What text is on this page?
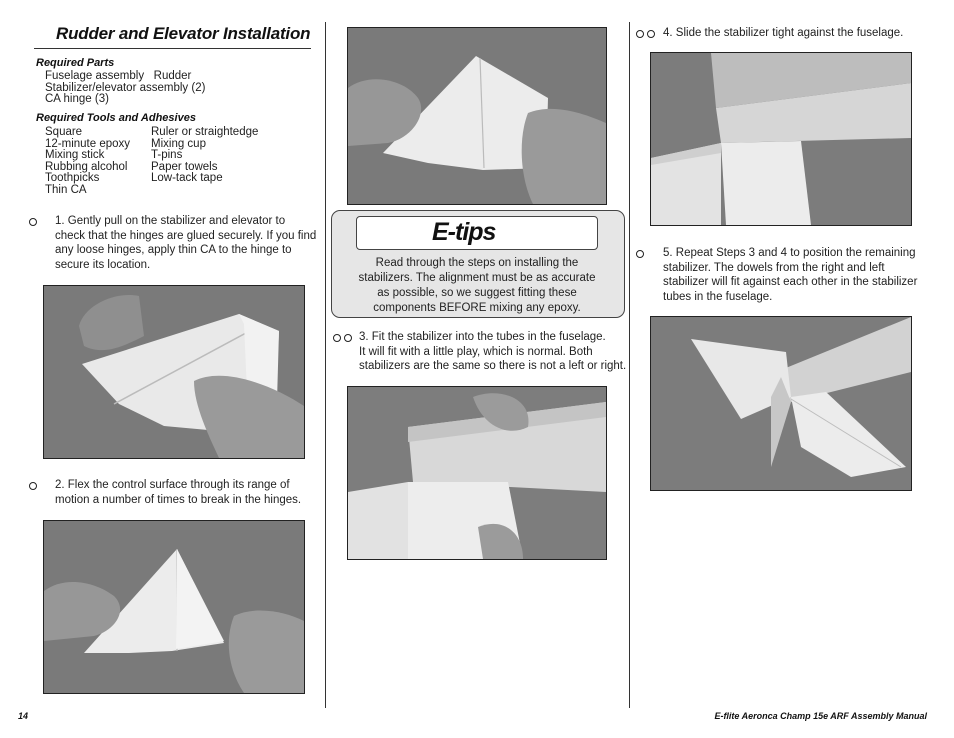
Rudder and Elevator Installation
Required Parts
Fuselage assembly   Rudder
Stabilizer/elevator assembly (2)
CA hinge (3)
Required Tools and Adhesives
Square
12-minute epoxy
Mixing stick
Rubbing alcohol
Toothpicks
Thin CA
Ruler or straightedge
Mixing cup
T-pins
Paper towels
Low-tack tape
1. Gently pull on the stabilizer and elevator to
check that the hinges are glued securely. If you find
any loose hinges, apply thin CA to the hinge to
secure its location.
2. Flex the control surface through its range of
motion a number of times to break in the hinges.
E-tips
Read through the steps on installing the
stabilizers. The alignment must be as accurate
as possible, so we suggest fitting these
components BEFORE mixing any epoxy.
3. Fit the stabilizer into the tubes in the fuselage.
It will fit with a little play, which is normal. Both
stabilizers are the same so there is not a left or right.
4. Slide the stabilizer tight against the fuselage.
5. Repeat Steps 3 and 4 to position the remaining
stabilizer. The dowels from the right and left
stabilizer will fit against each other in the stabilizer
tubes in the fuselage.
14	E-flite Aeronca Champ 15e ARF Assembly Manual
